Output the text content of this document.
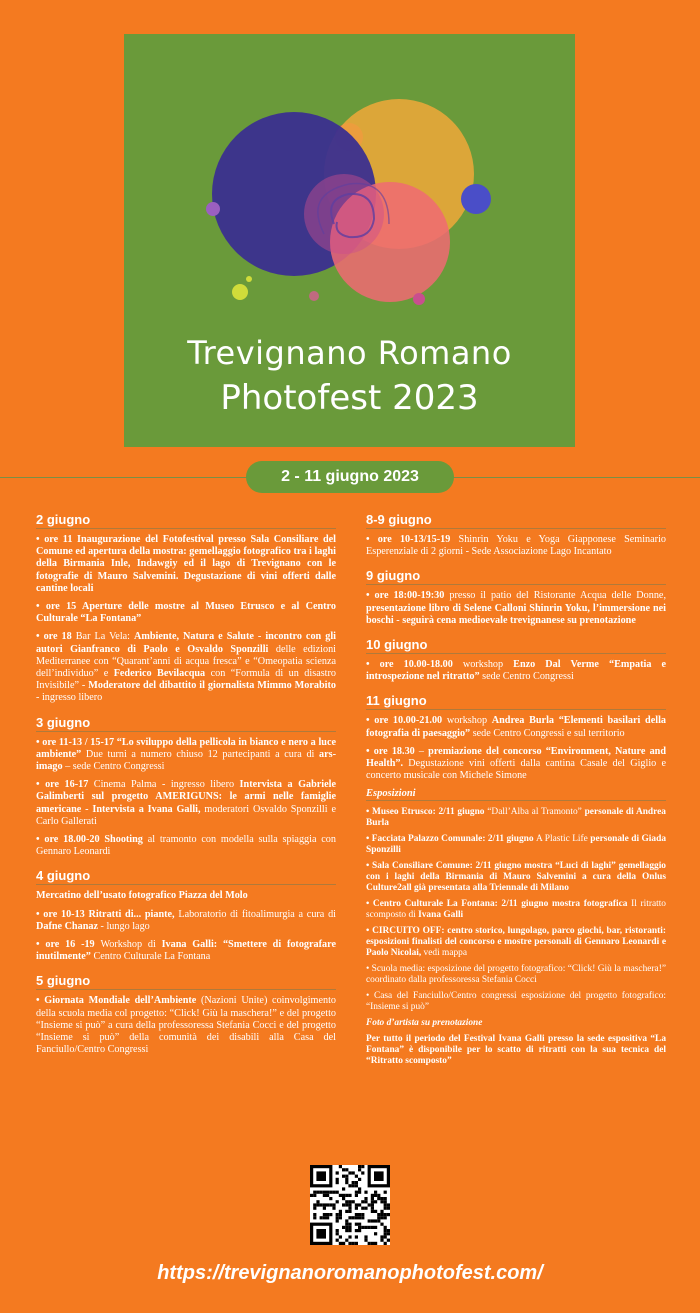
Trevignano Romano
Photofest 2023
2 - 11 giugno 2023
2 giugno
• ore 11 Inaugurazione del Fotofestival presso Sala Consiliare del Comune ed apertura della mostra: gemellaggio fotografico tra i laghi della Birmania Inle, Indawgiy ed il lago di Trevignano con le fotografie di Mauro Salvemini. Degustazione di vini offerti dalle cantine locali
• ore 15 Aperture delle mostre al Museo Etrusco e al Centro Culturale “La Fontana”
• ore 18 Bar La Vela: Ambiente, Natura e Salute - incontro con gli autori Gianfranco di Paolo e Osvaldo Sponzilli delle edizioni Mediterranee con “Quarant’anni di acqua fresca” e “Omeopatia scienza dell’individuo” e Federico Bevilacqua con “Formula di un disastro Invisibile” - Moderatore del dibattito il giornalista Mimmo Morabito - ingresso libero
3 giugno
• ore 11-13 / 15-17 “Lo sviluppo della pellicola in bianco e nero a luce ambiente” Due turni a numero chiuso 12 partecipanti a cura di ars-imago – sede Centro Congressi
• ore 16-17 Cinema Palma - ingresso libero Intervista a Gabriele Galimberti sul progetto AMERIGUNS: le armi nelle famiglie americane - Intervista a Ivana Galli, moderatori Osvaldo Sponzilli e Carlo Gallerati
• ore 18.00-20 Shooting al tramonto con modella sulla spiaggia con Gennaro Leonardi
4 giugno
Mercatino dell’usato fotografico Piazza del Molo
• ore 10-13 Ritratti di... piante, Laboratorio di fitoalimurgia a cura di Dafne Chanaz - lungo lago
• ore 16 -19 Workshop di Ivana Galli: “Smettere di fotografare inutilmente” Centro Culturale La Fontana
5 giugno
• Giornata Mondiale dell’Ambiente (Nazioni Unite) coinvolgimento della scuola media col progetto: “Click! Giù la maschera!” e del progetto “Insieme si può” a cura della professoressa Stefania Cocci e del progetto “Insieme si può” della comunità dei disabili alla Casa del Fanciullo/Centro Congressi
8-9 giugno
• ore 10-13/15-19 Shinrin Yoku e Yoga Giapponese Seminario Esperenziale di 2 giorni - Sede Associazione Lago Incantato
9 giugno
• ore 18:00-19:30 presso il patio del Ristorante Acqua delle Donne, presentazione libro di Selene Calloni Shinrin Yoku, l’immersione nei boschi - seguirà cena medioevale trevignanese su prenotazione
10 giugno
• ore 10.00-18.00 workshop Enzo Dal Verme “Empatia e introspezione nel ritratto” sede Centro Congressi
11 giugno
• ore 10.00-21.00 workshop Andrea Burla “Elementi basilari della fotografia di paesaggio” sede Centro Congressi e sul territorio
• ore 18.30 – premiazione del concorso “Environment, Nature and Health”. Degustazione vini offerti dalla cantina Casale del Giglio e concerto musicale con Michele Simone
Esposizioni
• Museo Etrusco: 2/11 giugno “Dall’Alba al Tramonto” personale di Andrea Burla
• Facciata Palazzo Comunale: 2/11 giugno A Plastic Life personale di Giada Sponzilli
• Sala Consiliare Comune: 2/11 giugno mostra “Luci di laghi” gemellaggio con i laghi della Birmania di Mauro Salvemini a cura della Onlus Culture2all già presentata alla Triennale di Milano
• Centro Culturale La Fontana: 2/11 giugno mostra fotografica Il ritratto scomposto di Ivana Galli
• CIRCUITO OFF: centro storico, lungolago, parco giochi, bar, ristoranti: esposizioni finalisti del concorso e mostre personali di Gennaro Leonardi e Paolo Nicolai, vedi mappa
• Scuola media: esposizione del progetto fotografico: “Click! Giù la maschera!” coordinato dalla professoressa Stefania Cocci
• Casa del Fanciullo/Centro congressi esposizione del progetto fotografico: “Insieme si può”
Foto d’artista su prenotazione
Per tutto il periodo del Festival Ivana Galli presso la sede espositiva “La Fontana” è disponibile per lo scatto di ritratti con la sua tecnica del “Ritratto scomposto”
https://trevignanoromanophotofest.com/
